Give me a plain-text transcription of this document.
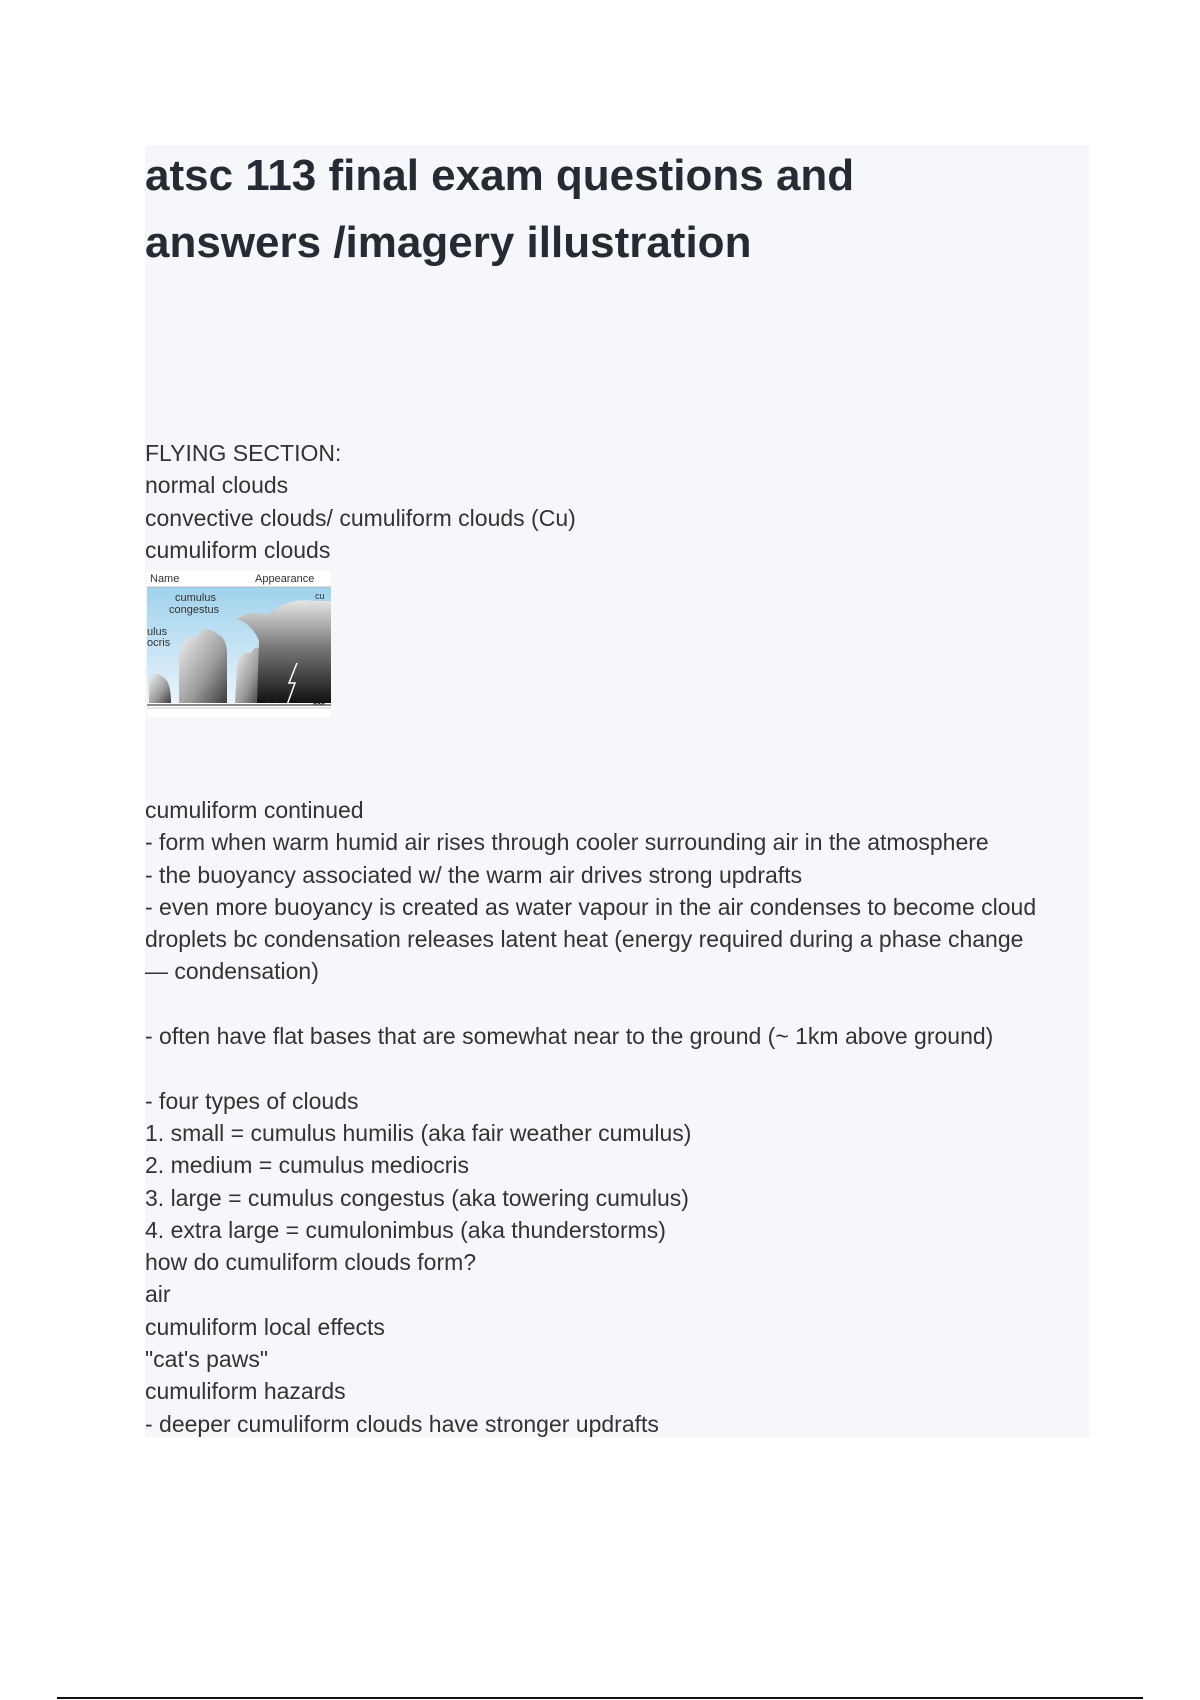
atsc 113 final exam questions and
answers /imagery illustration
FLYING SECTION:
normal clouds
convective clouds/ cumuliform clouds (Cu)
cumuliform clouds
Name	Appearance
cu
cumulus
congestus
ulus
ocris
cumuliform continued
- form when warm humid air rises through cooler surrounding air in the atmosphere
- the buoyancy associated w/ the warm air drives strong updrafts
- even more buoyancy is created as water vapour in the air condenses to become cloud
droplets bc condensation releases latent heat (energy required during a phase change
— condensation)
- often have flat bases that are somewhat near to the ground (~ 1km above ground)
- four types of clouds
1. small = cumulus humilis (aka fair weather cumulus)
2. medium = cumulus mediocris
3. large = cumulus congestus (aka towering cumulus)
4. extra large = cumulonimbus (aka thunderstorms)
how do cumuliform clouds form?
air
cumuliform local effects
"cat's paws"
cumuliform hazards
- deeper cumuliform clouds have stronger updrafts
